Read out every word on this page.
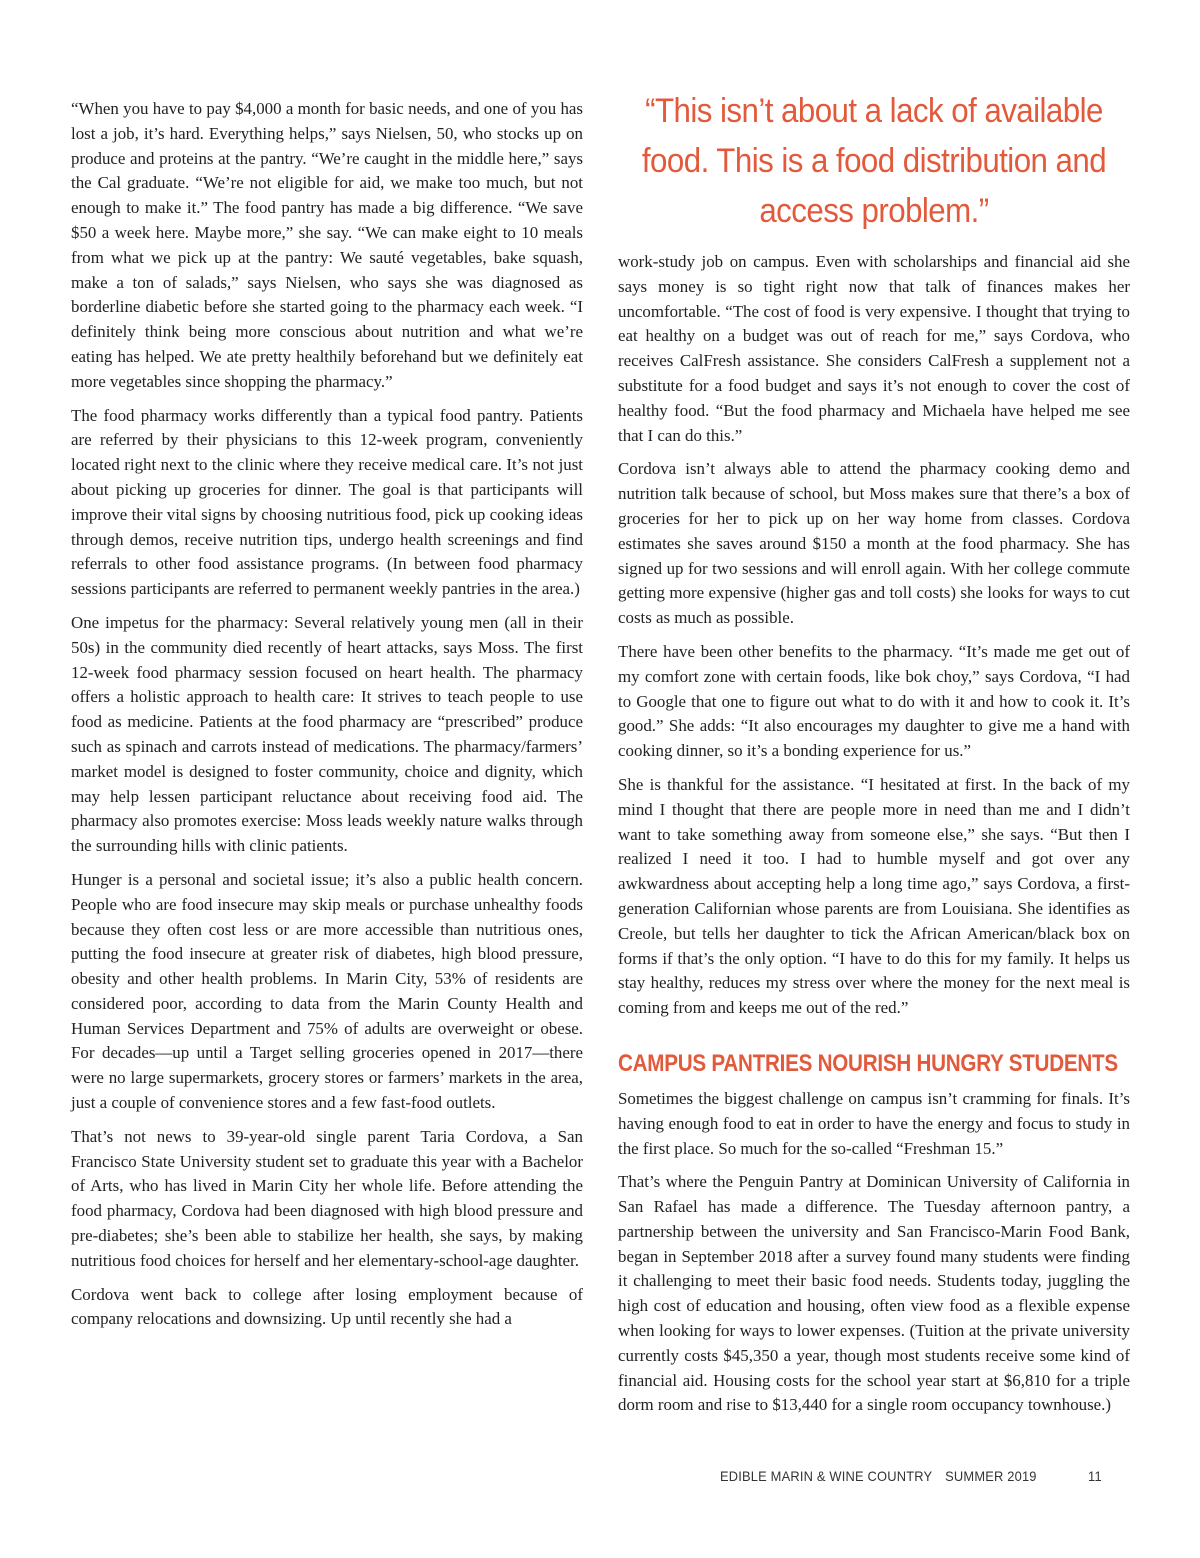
“When you have to pay $4,000 a month for basic needs, and one of you has lost a job, it’s hard. Everything helps,” says Nielsen, 50, who stocks up on produce and proteins at the pantry. “We’re caught in the middle here,” says the Cal graduate. “We’re not eligible for aid, we make too much, but not enough to make it.” The food pantry has made a big difference. “We save $50 a week here. Maybe more,” she say. “We can make eight to 10 meals from what we pick up at the pantry: We sauté vegetables, bake squash, make a ton of salads,” says Nielsen, who says she was diagnosed as borderline diabetic before she started going to the pharmacy each week. “I definitely think being more conscious about nutrition and what we’re eating has helped. We ate pretty healthily beforehand but we definitely eat more vegetables since shopping the pharmacy.”

The food pharmacy works differently than a typical food pantry. Patients are referred by their physicians to this 12-week program, conveniently located right next to the clinic where they receive medical care. It’s not just about picking up groceries for dinner. The goal is that participants will improve their vital signs by choosing nutritious food, pick up cooking ideas through demos, receive nutrition tips, undergo health screenings and find referrals to other food assistance programs. (In between food pharmacy sessions participants are referred to permanent weekly pantries in the area.)

One impetus for the pharmacy: Several relatively young men (all in their 50s) in the community died recently of heart attacks, says Moss. The first 12-week food pharmacy session focused on heart health. The pharmacy offers a holistic approach to health care: It strives to teach people to use food as medicine. Patients at the food pharmacy are “prescribed” produce such as spinach and carrots instead of medications. The pharmacy/farmers’ market model is designed to foster community, choice and dignity, which may help lessen participant reluctance about receiving food aid. The pharmacy also promotes exercise: Moss leads weekly nature walks through the surrounding hills with clinic patients.

Hunger is a personal and societal issue; it’s also a public health concern. People who are food insecure may skip meals or purchase unhealthy foods because they often cost less or are more accessible than nutritious ones, putting the food insecure at greater risk of diabetes, high blood pressure, obesity and other health problems. In Marin City, 53% of residents are considered poor, according to data from the Marin County Health and Human Services Department and 75% of adults are overweight or obese. For decades—up until a Target selling groceries opened in 2017—there were no large supermarkets, grocery stores or farmers’ markets in the area, just a couple of convenience stores and a few fast-food outlets.

That’s not news to 39-year-old single parent Taria Cordova, a San Francisco State University student set to graduate this year with a Bachelor of Arts, who has lived in Marin City her whole life. Before attending the food pharmacy, Cordova had been diagnosed with high blood pressure and pre-diabetes; she’s been able to stabilize her health, she says, by making nutritious food choices for herself and her elementary-school-age daughter.

Cordova went back to college after losing employment because of company relocations and downsizing. Up until recently she had a

“This isn’t about a lack of available food. This is a food distribution and access problem.”

work-study job on campus. Even with scholarships and financial aid she says money is so tight right now that talk of finances makes her uncomfortable. “The cost of food is very expensive. I thought that trying to eat healthy on a budget was out of reach for me,” says Cordova, who receives CalFresh assistance. She considers CalFresh a supplement not a substitute for a food budget and says it’s not enough to cover the cost of healthy food. “But the food pharmacy and Michaela have helped me see that I can do this.”

Cordova isn’t always able to attend the pharmacy cooking demo and nutrition talk because of school, but Moss makes sure that there’s a box of groceries for her to pick up on her way home from classes. Cordova estimates she saves around $150 a month at the food pharmacy. She has signed up for two sessions and will enroll again. With her college commute getting more expensive (higher gas and toll costs) she looks for ways to cut costs as much as possible.

There have been other benefits to the pharmacy. “It’s made me get out of my comfort zone with certain foods, like bok choy,” says Cordova, “I had to Google that one to figure out what to do with it and how to cook it. It’s good.” She adds: “It also encourages my daughter to give me a hand with cooking dinner, so it’s a bonding experience for us.”

She is thankful for the assistance. “I hesitated at first. In the back of my mind I thought that there are people more in need than me and I didn’t want to take something away from someone else,” she says. “But then I realized I need it too. I had to humble myself and got over any awkwardness about accepting help a long time ago,” says Cordova, a first-generation Californian whose parents are from Louisiana. She identifies as Creole, but tells her daughter to tick the African American/black box on forms if that’s the only option. “I have to do this for my family. It helps us stay healthy, reduces my stress over where the money for the next meal is coming from and keeps me out of the red.”

CAMPUS PANTRIES NOURISH HUNGRY STUDENTS

Sometimes the biggest challenge on campus isn’t cramming for finals. It’s having enough food to eat in order to have the energy and focus to study in the first place. So much for the so-called “Freshman 15.”

That’s where the Penguin Pantry at Dominican University of California in San Rafael has made a difference. The Tuesday afternoon pantry, a partnership between the university and San Francisco-Marin Food Bank, began in September 2018 after a survey found many students were finding it challenging to meet their basic food needs. Students today, juggling the high cost of education and housing, often view food as a flexible expense when looking for ways to lower expenses. (Tuition at the private university currently costs $45,350 a year, though most students receive some kind of financial aid. Housing costs for the school year start at $6,810 for a triple dorm room and rise to $13,440 for a single room occupancy townhouse.)

EDIBLE MARIN & WINE COUNTRY SUMMER 2019	11
